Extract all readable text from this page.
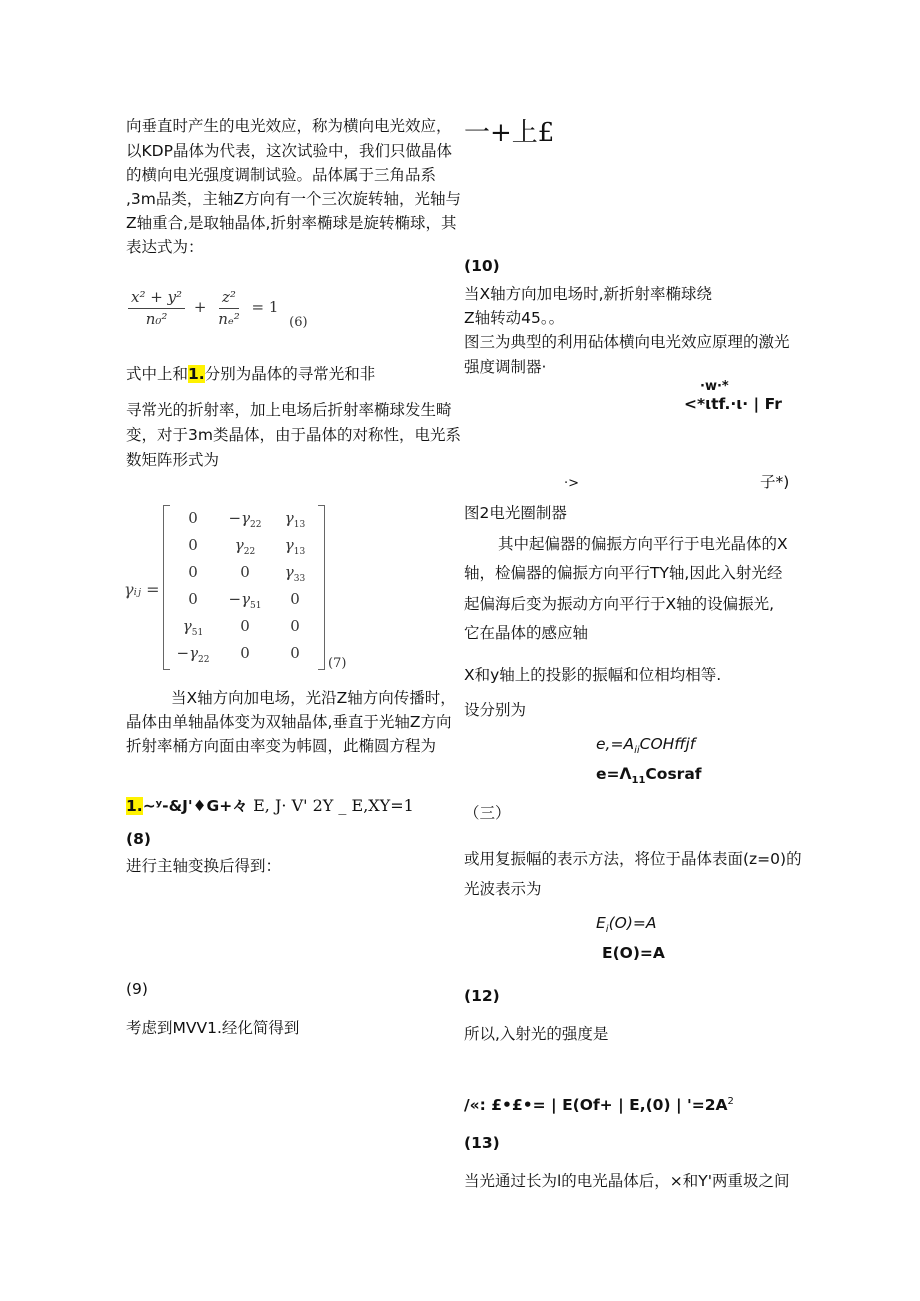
向垂直时产生的电光效应，称为横向电光效应，
以KDP晶体为代表，这次试验中，我们只做晶体
的横向电光强度调制试验。品体属于三角品系
,3m品类，主轴Z方向有一个三次旋转轴，光轴与
Z轴重合,是取轴晶体,折射率椭球是旋转椭球，其
表达式为：
$\frac{\text{x² + y²}}{\text{n₀²}} + \frac{\text{z²}}{\text{nₑ²}} = 1$ (6)
式中上和1.分别为晶体的寻常光和非
寻常光的折射率，加上电场后折射率椭球发生畸
变，对于3m类晶体，由于晶体的对称性，电光系
数矩阵形式为
γᵢⱼ =
0	$-\gamma_{22}$	$\gamma_{13}$
0	$\gamma_{22}$	$\gamma_{13}$
0	0	$\gamma_{33}$
0	$-\gamma_{51}$	0
$\gamma_{51}$	0	0
$-\gamma_{22}$	0	0
(7)
当X轴方向加电场，光沿Z轴方向传播时，
晶体由单轴晶体变为双轴晶体,垂直于光轴Z方向
折射率桶方向面由率变为帏圆，此椭圆方程为
1.~ʸ-&J'♦G+々 E, J· V' 2Y _ E,XY=1
(8)
进行主轴变换后得到：
(9)
考虑到MVV1.经化简得到
一+上£
(10)
当X轴方向加电场时,新折射率椭球绕
Z轴转动45。。
图三为典型的利用砧体横向电光效应原理的激光
强度调制器·
·w·*
<*ιtf.·ι· | Fr
·>	子*)
图2电光圈制器
其中起偏器的偏振方向平行于电光晶体的X
轴，检偏器的偏振方向平行TY轴,因此入射光经
起偏海后变为振动方向平行于X轴的设偏振光,
它在晶体的感应轴
X和y轴上的投影的振幅和位相均相等.
设分别为
$e,=A_{ii}COHffjf$
$e=\Lambda_{11}Cosraf$
（三）
或用复振幅的表示方法，将位于晶体表面(z=0)的
光波表示为
$E_i(O)=A$
E(O)=A
(12)
所以,入射光的强度是
/«: £•£•= | E(Of+ | E,(0) | '$=2A^2$
(13)
当光通过长为l的电光晶体后，×和Y'两重圾之间
